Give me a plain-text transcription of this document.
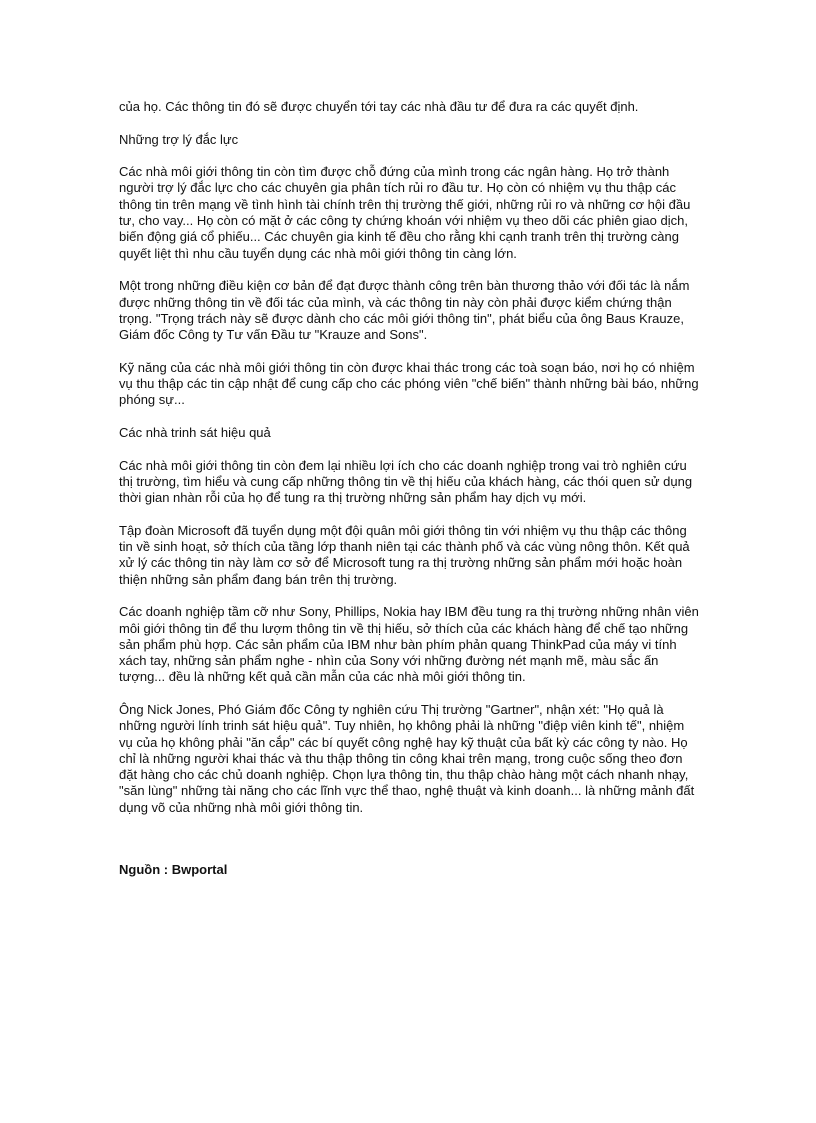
của họ. Các thông tin đó sẽ được chuyển tới tay các nhà đầu tư để đưa ra các quyết định.

Những trợ lý đắc lực

Các nhà môi giới thông tin còn tìm được chỗ đứng của mình trong các ngân hàng. Họ trở thành người trợ lý đắc lực cho các chuyên gia phân tích rủi ro đầu tư. Họ còn có nhiệm vụ thu thập các thông tin trên mạng về tình hình tài chính trên thị trường thế giới, những rủi ro và những cơ hội đầu tư, cho vay... Họ còn có mặt ở các công ty chứng khoán với nhiệm vụ theo dõi các phiên giao dịch, biến động giá cổ phiếu... Các chuyên gia kinh tế đều cho rằng khi cạnh tranh trên thị trường càng quyết liệt thì nhu cầu tuyển dụng các nhà môi giới thông tin càng lớn.

Một trong những điều kiện cơ bản để đạt được thành công trên bàn thương thảo với đối tác là nắm được những thông tin về đối tác của mình, và các thông tin này còn phải được kiểm chứng thận trọng. "Trọng trách này sẽ được dành cho các môi giới thông tin", phát biểu của ông Baus Krauze, Giám đốc Công ty Tư vấn Đầu tư "Krauze and Sons".

Kỹ năng của các nhà môi giới thông tin còn được khai thác trong các toà soạn báo, nơi họ có nhiệm vụ thu thập các tin cập nhật để cung cấp cho các phóng viên "chế biến" thành những bài báo, những phóng sự...

Các nhà trinh sát hiệu quả

Các nhà môi giới thông tin còn đem lại nhiều lợi ích cho các doanh nghiệp trong vai trò nghiên cứu thị trường, tìm hiểu và cung cấp những thông tin về thị hiếu của khách hàng, các thói quen sử dụng thời gian nhàn rỗi của họ để tung ra thị trường những sản phẩm hay dịch vụ mới.

Tập đoàn Microsoft đã tuyển dụng một đội quân môi giới thông tin với nhiệm vụ thu thập các thông tin về sinh hoạt, sở thích của tầng lớp thanh niên tại các thành phố và các vùng nông thôn. Kết quả xử lý các thông tin này làm cơ sở để Microsoft tung ra thị trường những sản phẩm mới hoặc hoàn thiện những sản phẩm đang bán trên thị trường.

Các doanh nghiệp tầm cỡ như Sony, Phillips, Nokia hay IBM đều tung ra thị trường những nhân viên môi giới thông tin để thu lượm thông tin về thị hiếu, sở thích của các khách hàng để chế tạo những sản phẩm phù hợp. Các sản phẩm của IBM như bàn phím phản quang ThinkPad của máy vi tính xách tay, những sản phẩm nghe - nhìn của Sony với những đường nét mạnh mẽ, màu sắc ấn tượng... đều là những kết quả cần mẫn của các nhà môi giới thông tin.

Ông Nick Jones, Phó Giám đốc Công ty nghiên cứu Thị trường "Gartner", nhận xét: "Họ quả là những người lính trinh sát hiệu quả". Tuy nhiên, họ không phải là những "điệp viên kinh tế", nhiệm vụ của họ không phải "ăn cắp" các bí quyết công nghệ hay kỹ thuật của bất kỳ các công ty nào. Họ chỉ là những người khai thác và thu thập thông tin công khai trên mạng, trong cuộc sống theo đơn đặt hàng cho các chủ doanh nghiệp. Chọn lựa thông tin, thu thập chào hàng một cách nhanh nhạy, "săn lùng" những tài năng cho các lĩnh vực thể thao, nghệ thuật và kinh doanh... là những mảnh đất dụng võ của những nhà môi giới thông tin.

Nguồn : Bwportal
